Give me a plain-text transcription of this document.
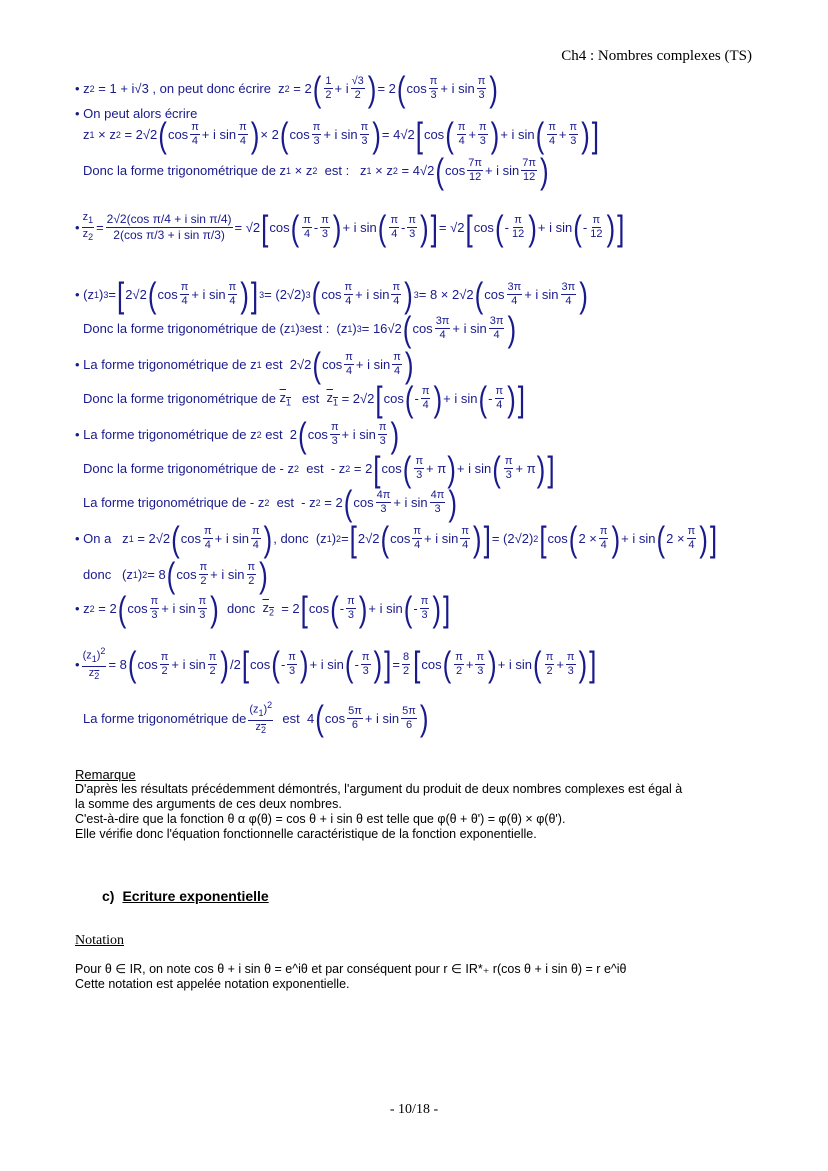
Ch4 : Nombres complexes (TS)
• z 2 = 1 + i√3 , on peut donc écrire  z 2 = 2 ( $\frac{1}{2} + i \frac{√3}{2}$ ) = 2 ( $\cos \frac{\pi}{3} + i$ $\sin \frac{\pi}{3}$ )
• On peut alors écrire
z 1 × z 2 = 2√2 ( $\cos \frac{\pi}{4} + i$ $\sin \frac{\pi}{4}$ ) × 2 ( $\cos \frac{\pi}{3} + i$ $\sin \frac{\pi}{3}$ ) = 4√2 [ cos ( $\frac{\pi}{4} + \frac{\pi}{3}$ ) + i sin ( $\frac{\pi}{4} + \frac{\pi}{3}$ ) ]
Donc la forme trigonométrique de z 1 × z 2 est :   z 1 × z 2 = 4√2 ( $\cos \frac{7\pi}{12} + i$ $\sin \frac{7\pi}{12}$ )
• $\frac{z_1}{z_2} = \frac{\text{2√2(cos π/4 + i sin π/4)}}{\text{2(cos π/3 + i sin π/3)}} = √2$ [ cos ( $\frac{\pi}{4} - \frac{\pi}{3}$ ) + i sin ( $\frac{\pi}{4} - \frac{\pi}{3}$ ) ] = √2 [ cos ( - $\frac{\pi}{12}$ ) + i sin ( - $\frac{\pi}{12}$ ) ]
• (z 1 ) 3 = [ 2√2 ( $\cos \frac{\pi}{4} + i$ $\sin \frac{\pi}{4}$ ) ] 3 = (2√2) 3 ( $\cos \frac{\pi}{4} + i$ $\sin \frac{\pi}{4}$ ) 3 = 8 × 2√2 ( $\cos \frac{3\pi}{4} + i$ $\sin \frac{3\pi}{4}$ )
Donc la forme trigonométrique de (z 1 ) 3 est :  (z 1 ) 3 = 16√2 ( $\cos \frac{3\pi}{4} + i$ $\sin \frac{3\pi}{4}$ )
• La forme trigonométrique de z 1 est  2√2 ( $\cos \frac{\pi}{4} + i$ $\sin \frac{\pi}{4}$ )
Donc la forme trigonométrique de $z_1$ est $z_1 = 2√2$ [ cos ( - $\frac{\pi}{4}$ ) + i sin ( - $\frac{\pi}{4}$ ) ]
• La forme trigonométrique de z 2 est  2 ( $\cos \frac{\pi}{3} + i$ $\sin \frac{\pi}{3}$ )
Donc la forme trigonométrique de - z 2 est  - z 2 = 2 [ cos ( $\frac{\pi}{3} + \pi$ ) + i sin ( $\frac{\pi}{3} + \pi$ ) ]
La forme trigonométrique de - z 2 est  - z 2 = 2 ( $\cos \frac{4\pi}{3} + i$ $\sin \frac{4\pi}{3}$ )
• On a   z 1 = 2√2 ( $\cos \frac{\pi}{4} + i$ $\sin \frac{\pi}{4}$ ) , donc  (z 1 ) 2 = [ 2√2 ( $\cos \frac{\pi}{4} + i$ $\sin \frac{\pi}{4}$ ) ] = (2√2) 2 [ cos ( $2 \times \frac{\pi}{4}$ ) + i sin ( $2 \times \frac{\pi}{4}$ ) ]
donc   (z 1 ) 2 = 8 ( $\cos \frac{\pi}{2} + i$ $\sin \frac{\pi}{2}$ )
• z 2 = 2 ( $\cos \frac{\pi}{3} + i$ $\sin \frac{\pi}{3}$ ) donc $z_2 = 2$ [ cos ( - $\frac{\pi}{3}$ ) + i sin ( - $\frac{\pi}{3}$ ) ]
• $\frac{(z_1)^2}{z_2} = 8$ ( $\cos \frac{\pi}{2} + i$ $\sin \frac{\pi}{2}$ ) /2 [ cos ( - $\frac{\pi}{3}$ ) + i sin ( - $\frac{\pi}{3}$ ) ] = $\frac{8}{2}$ [ cos ( $\frac{\pi}{2} + \frac{\pi}{3}$ ) + i sin ( $\frac{\pi}{2} + \frac{\pi}{3}$ ) ]
La forme trigonométrique de $\frac{(z_1)^2}{z_2}$ est  4 ( $\cos \frac{5\pi}{6} + i$ $\sin \frac{5\pi}{6}$ )
Remarque
D'après les résultats précédemment démontrés, l'argument du produit de deux nombres complexes est égal à
la somme des arguments de ces deux nombres.
C'est-à-dire que la fonction θ α φ(θ) = cos θ + i sin θ est telle que φ(θ + θ') = φ(θ) × φ(θ').
Elle vérifie donc l'équation fonctionnelle caractéristique de la fonction exponentielle.
c) Ecriture exponentielle
Notation
Pour θ ∈ IR, on note cos θ + i sin θ = e^iθ et par conséquent pour r ∈ IR*₊ r(cos θ + i sin θ) = r e^iθ
Cette notation est appelée notation exponentielle.
- 10/18 -
